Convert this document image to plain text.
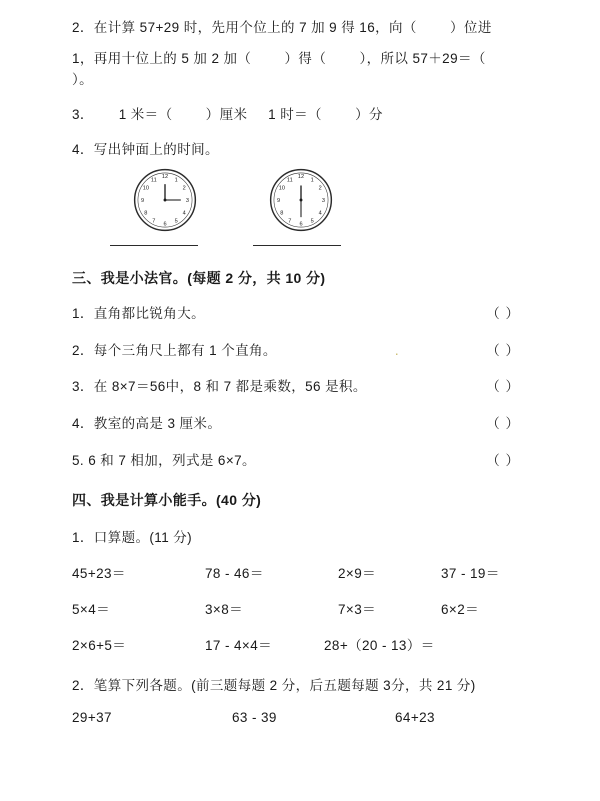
2．在计算 57+29 时，先用个位上的 7 加 9 得 16，向（        ）位进

1，再用十位上的 5 加 2 加（        ）得（        ），所以 57＋29＝（        ）。

3．      1 米＝（        ）厘米     1 时＝（        ）分

4．写出钟面上的时间。

12
1
2
3
4
5
6
7
8
9
10
11
12
1
2
3
4
5
6
7
8
9
10
11

三、我是小法官。(每题 2 分，共 10 分)

1．直角都比锐角大。	（ ）
2．每个三角尺上都有 1 个直角。	.	（ ）
3．在 8×7＝56中，8 和 7 都是乘数，56 是积。	（ ）
4．教室的高是 3 厘米。	（ ）
5. 6 和 7 相加，列式是 6×7。	（ ）

四、我是计算小能手。(40 分)

1．口算题。(11 分)

45+23＝	78 - 46＝	2×9＝	37 - 19＝
5×4＝	3×8＝	7×3＝	6×2＝
2×6+5＝	17 - 4×4＝	28+（20 - 13）＝

2．笔算下列各题。(前三题每题 2 分，后五题每题 3分，共 21 分)

29+37	63 - 39	64+23
